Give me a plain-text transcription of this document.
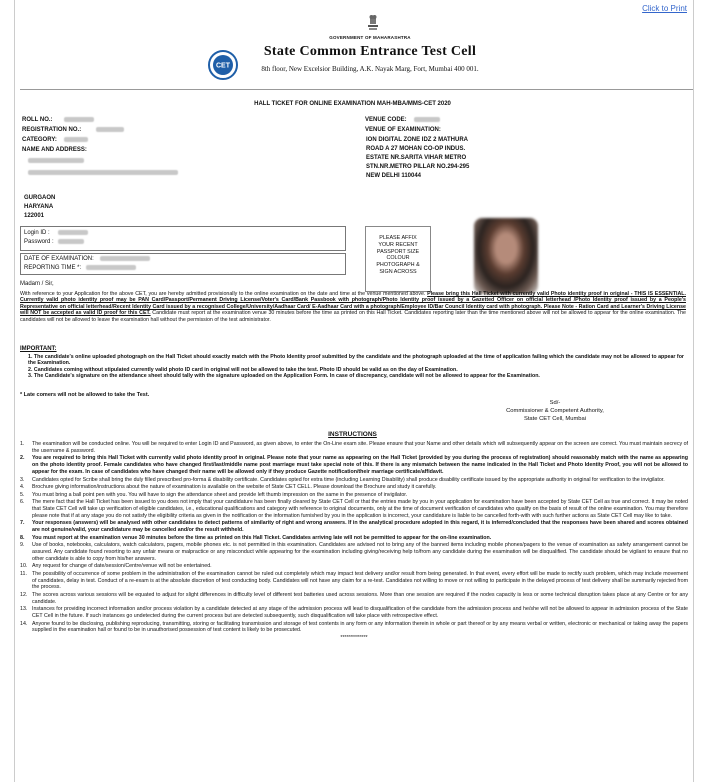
Click to Print
GOVERNMENT OF MAHARASHTRA
State Common Entrance Test Cell
8th floor, New Excelsior Building, A.K. Nayak Marg, Fort, Mumbai 400 001.
CET
HALL TICKET FOR ONLINE EXAMINATION MAH-MBA/MMS-CET 2020
ROLL NO.:
REGISTRATION NO.:
CATEGORY:
NAME AND ADDRESS:
GURGAON
HARYANA
122001
VENUE CODE:
VENUE OF EXAMINATION:
ION DIGITAL ZONE IDZ 2 MATHURA
ROAD A 27 MOHAN CO-OP INDUS.
ESTATE NR.SARITA VIHAR METRO
STN.NR.METRO PILLAR NO.294-295
NEW DELHI 110044
Login ID :
Password :
DATE OF EXAMINATION:
REPORTING TIME *:
PLEASE AFFIX
YOUR RECENT
PASSPORT SIZE
COLOUR
PHOTOGRAPH &
SIGN ACROSS
Madam / Sir,
With reference to your Application for the above CET, you are hereby admitted provisionally to the online examination on the date and time at the venue mentioned above. Please bring this Hall Ticket with currently valid Photo identity proof in original - THIS IS ESSENTIAL. Currently valid photo identity proof may be PAN Card/Passport/Permanent Driving License/Voter's Card/Bank Passbook with photograph/Photo Identity proof issued by a Gazetted Officer on official letterhead /Photo Identity proof issued by a People's Representative on official letterhead/Recent Identity Card issued by a recognised College/University/Aadhaar Card/ E-Aadhaar Card with a photograph/Employee ID/Bar Council Identity card with photograph. Please Note - Ration Card and Learner's Driving License will NOT be accepted as valid ID proof for this CET. Candidate must report at the examination venue 30 minutes before the time as printed on this Hall Ticket. Candidates reporting later than the time mentioned above will not be allowed to appear for the online examination. The candidates will not be allowed to leave the examination hall without the permission of the test administrator.
IMPORTANT:
1. The candidate's online uploaded photograph on the Hall Ticket should exactly match with the Photo Identity proof submitted by the candidate and the photograph uploaded at the time of application failing which the candidate may not be allowed to appear for the Examination.
2. Candidates coming without stipulated currently valid photo ID card in original will not be allowed to take the test. Photo ID should be valid as on the day of Examination.
3. The Candidate's signature on the attendance sheet should tally with the signature uploaded on the Application Form. In case of discrepancy, candidate will not be allowed to appear for the Examination.
* Late comers will not be allowed to take the Test.
Sd/-
Commissioner & Competent Authority,
State CET Cell, Mumbai
INSTRUCTIONS
1.	The examination will be conducted online. You will be required to enter Login ID and Password, as given above, to enter the On-Line exam site. Please ensure that your Name and other details which will subsequently appear on the screen are correct. You must maintain secrecy of the username & password.
2.	You are required to bring this Hall Ticket with currently valid photo identity proof in original. Please note that your name as appearing on the Hall Ticket (provided by you during the process of registration) should reasonably match with the name as appearing on the photo identity proof. Female candidates who have changed first/last/middle name post marriage must take special note of this. If there is any mismatch between the name indicated in the Hall Ticket and Photo Identity Proof, you will not be allowed to appear for the exam. In case of candidates who have changed their name will be allowed only if they produce Gazette notification/their marriage certificate/affidavit.
3.	Candidates opted for Scribe shall bring the duly filled prescribed pro-forma & disability certificate. Candidates opted for extra time (including Learning Disability) shall produce disability certificate issued by the appropriate authority in original for verification to the invigilator.
4.	Brochure giving information/instructions about the nature of examination is available on the website of State CET CELL. Please download the Brochure and study it carefully.
5.	You must bring a ball point pen with you. You will have to sign the attendance sheet and provide left thumb impression on the same in the presence of invigilator.
6.	The mere fact that the Hall Ticket has been issued to you does not imply that your candidature has been finally cleared by State CET Cell or that the entries made by you in your application for examination have been accepted by State CET Cell as true and correct. It may be noted that State CET Cell will take up verification of eligible candidates, i.e., educational qualifications and category with reference to original documents, only at the time of document verification of candidates who qualify on the basis of result of the online examination. You may therefore please note that if at any stage you do not satisfy the eligibility criteria as given in the notification or the information furnished by you in the application is incorrect, your candidature is liable to be cancelled forth-with with such further actions as State CET Cell may like to take.
7.	Your responses (answers) will be analysed with other candidates to detect patterns of similarity of right and wrong answers. If in the analytical procedure adopted in this regard, it is inferred/concluded that the responses have been shared and scores obtained are not genuine/valid, your candidature may be cancelled and/or the result withheld.
8.	You must report at the examination venue 30 minutes before the time as printed on this Hall Ticket. Candidates arriving late will not be permitted to appear for the on-line examination.
9.	Use of books, notebooks, calculators, watch calculators, pagers, mobile phones etc. is not permitted in this examination. Candidates are advised not to bring any of the banned items including mobile phones/pagers to the venue of examination as safety arrangement cannot be assured. Any candidate found resorting to any unfair means or malpractice or any misconduct while appearing for the examination including giving/receiving help to/from any candidate during the examination will be disqualified. The candidate should be vigilant to ensure that no other candidate is able to copy from his/her answers.
10. Any request for change of date/session/Centre/venue will not be entertained.
11. The possibility of occurrence of some problem in the administration of the examination cannot be ruled out completely which may impact test delivery and/or result from being generated. In that event, every effort will be made to rectify such problem, which may include movement of candidates, delay in test. Conduct of a re-exam is at the absolute discretion of test conducting body. Candidates will not have any claim for a re-test. Candidates not willing to move or not willing to participate in the delayed process of test delivery shall be summarily rejected from the process.
12. The scores across various sessions will be equated to adjust for slight differences in difficulty level of different test batteries used across sessions. More than one session are required if the nodes capacity is less or some technical disruption takes place at any Centre or for any candidate.
13. Instances for providing incorrect information and/or process violation by a candidate detected at any stage of the admission process will lead to disqualification of the candidate from the admission process and he/she will not be allowed to appear in admission process of the State CET Cell in the future. If such instances go undetected during the current process but are detected subsequently, such disqualification will take place with retrospective effect.
14. Anyone found to be disclosing, publishing reproducing, transmitting, storing or facilitating transmission and storage of test contents in any form or any information therein in whole or part thereof or by any means verbal or written, electronic or mechanical or taking away the papers supplied in the examination hall or found to be in unauthorised possession of test content is likely to be prosecuted.
**************
